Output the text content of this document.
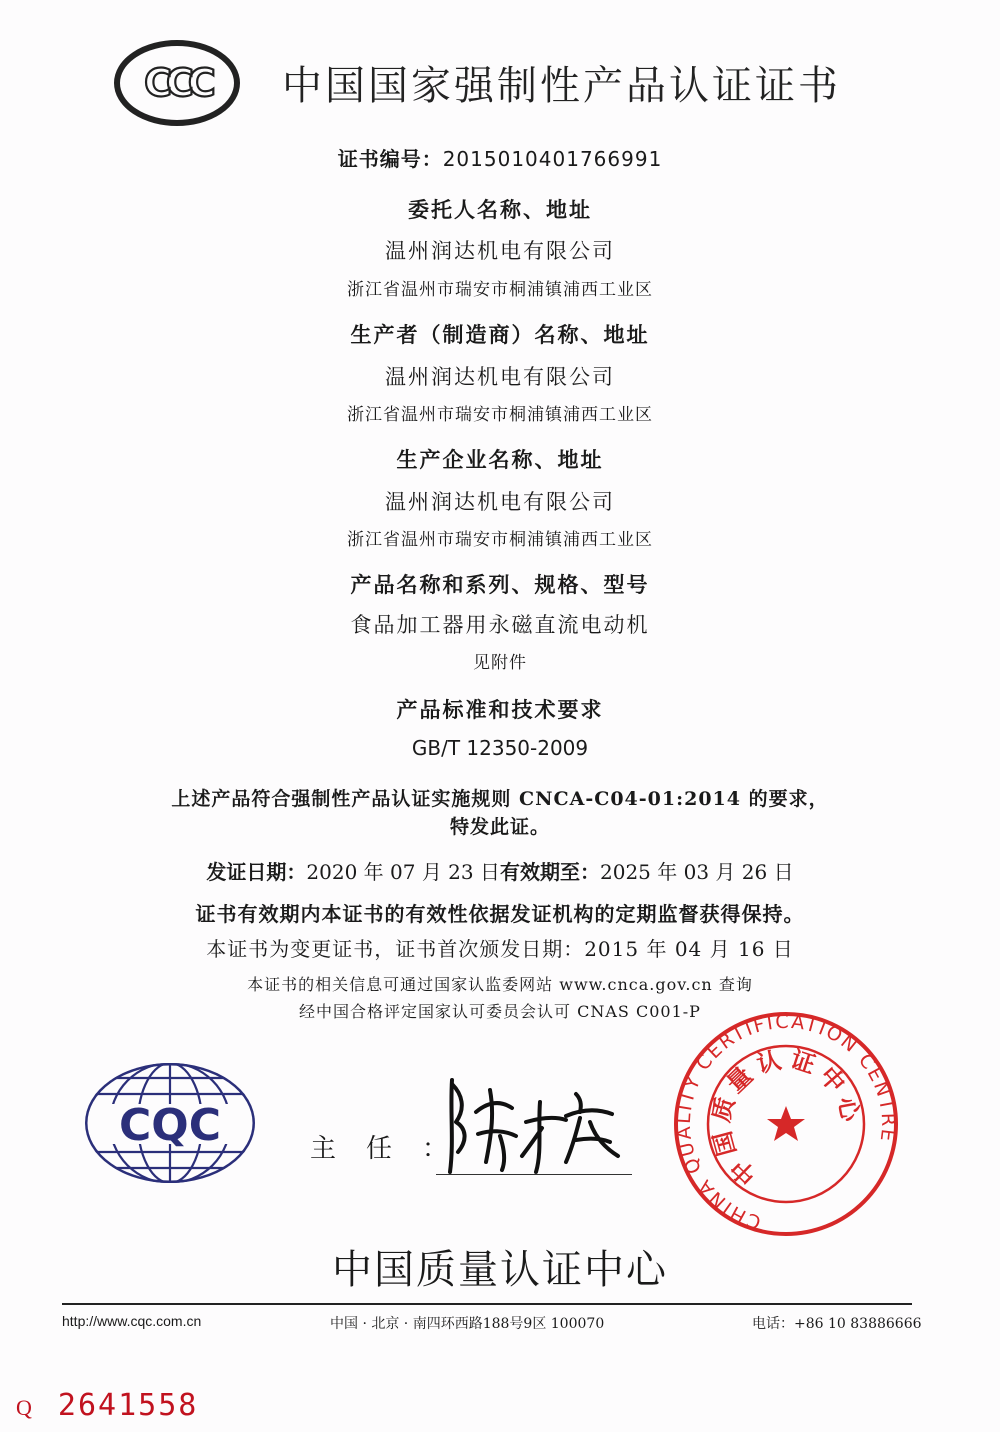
CCC 中国国家强制性产品认证证书
证书编号：2015010401766991
委托人名称、地址
温州润达机电有限公司
浙江省温州市瑞安市桐浦镇浦西工业区
生产者（制造商）名称、地址
温州润达机电有限公司
浙江省温州市瑞安市桐浦镇浦西工业区
生产企业名称、地址
温州润达机电有限公司
浙江省温州市瑞安市桐浦镇浦西工业区
产品名称和系列、规格、型号
食品加工器用永磁直流电动机
见附件
产品标准和技术要求
GB/T 12350-2009
上述产品符合强制性产品认证实施规则 CNCA-C04-01:2014 的要求，
特发此证。
发证日期：2020 年 07 月 23 日有效期至：2025 年 03 月 26 日
证书有效期内本证书的有效性依据发证机构的定期监督获得保持。
本证书为变更证书，证书首次颁发日期：2015 年 04 月 16 日
本证书的相关信息可通过国家认监委网站 www.cnca.gov.cn 查询
经中国合格评定国家认可委员会认可 CNAS C001-P
CQC	主任：
CHINA QUALITY CERTIFICATION CENTRE
中国质量认证中心
中国质量认证中心
http://www.cqc.com.cn	中国 · 北京 · 南四环西路188号9区 100070	电话：+86 10 83886666
Q 2641558
